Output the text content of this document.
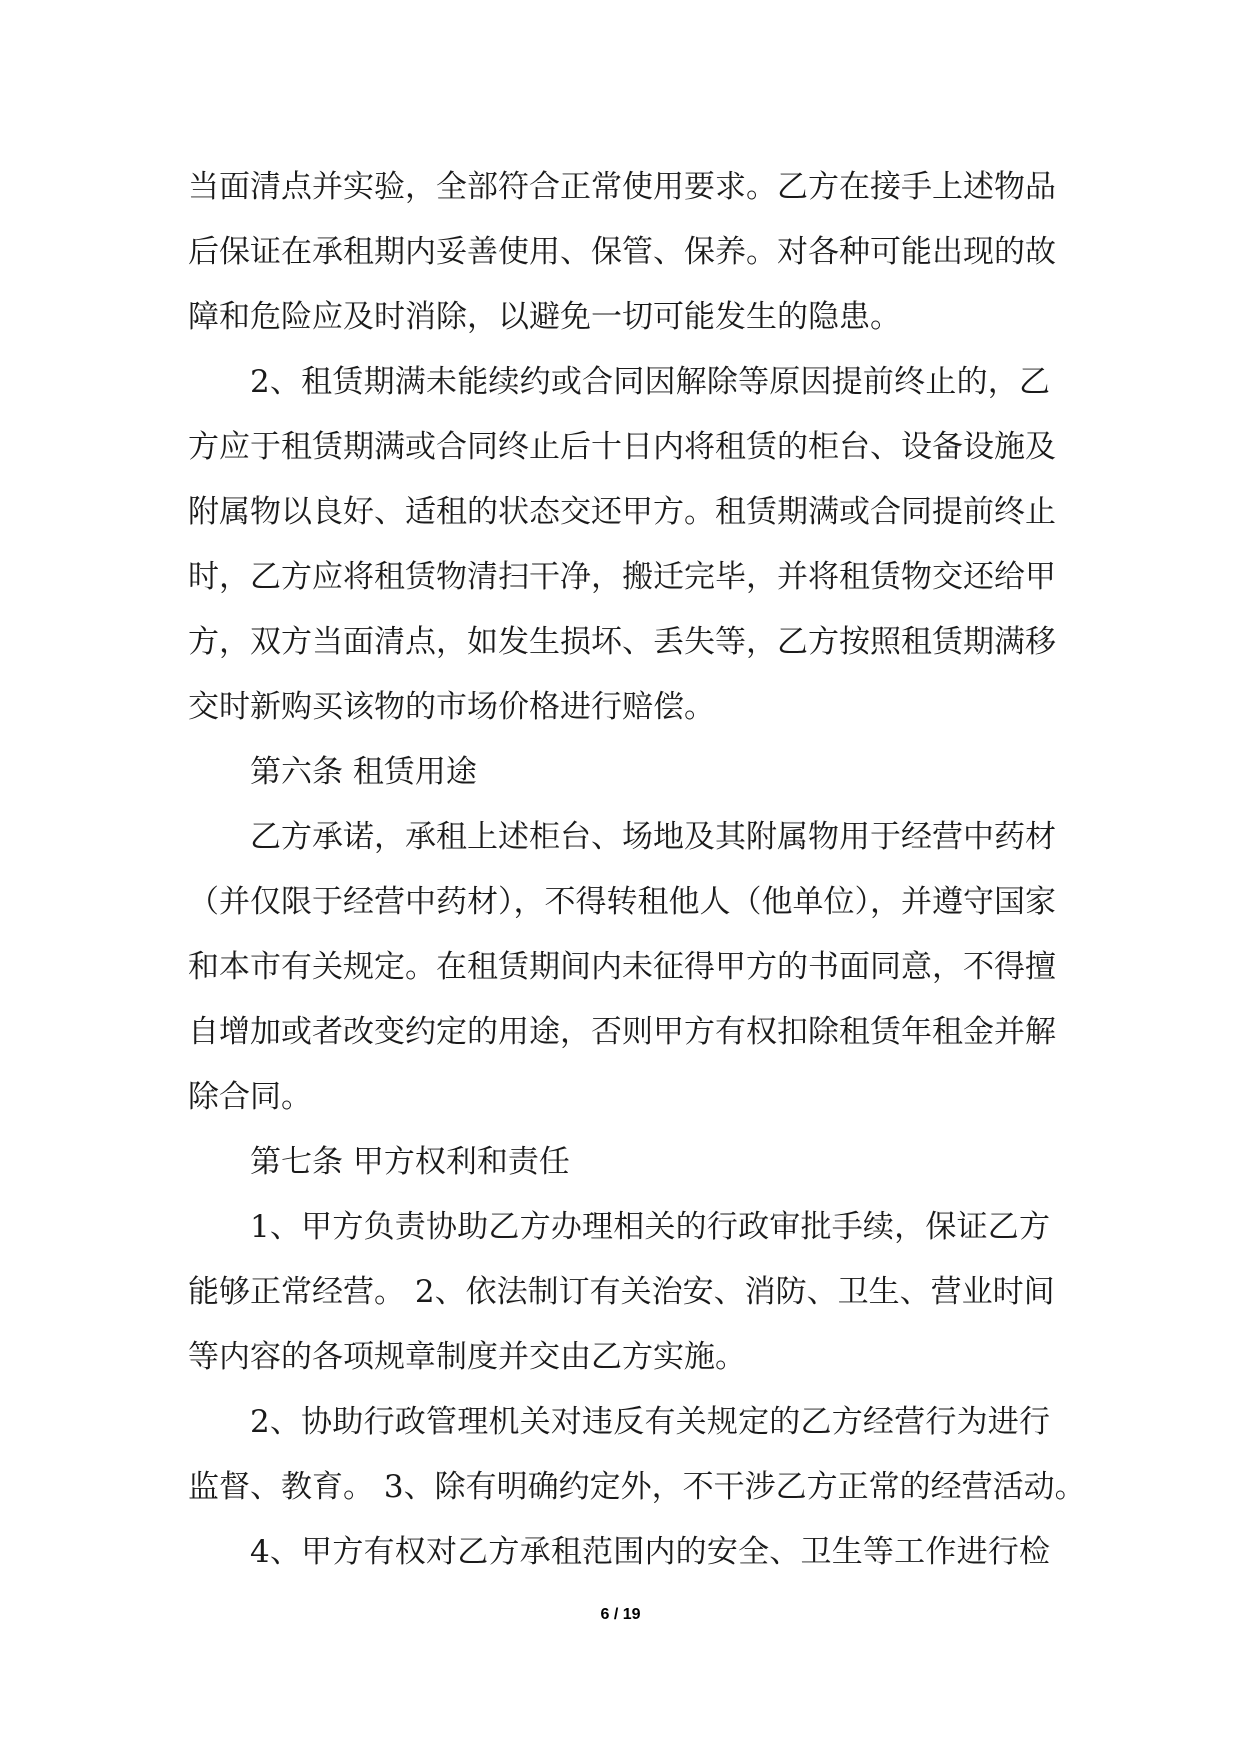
当面清点并实验，全部符合正常使用要求。乙方在接手上述物品
后保证在承租期内妥善使用、保管、保养。对各种可能出现的故
障和危险应及时消除，以避免一切可能发生的隐患。
2、租赁期满未能续约或合同因解除等原因提前终止的，乙
方应于租赁期满或合同终止后十日内将租赁的柜台、设备设施及
附属物以良好、适租的状态交还甲方。租赁期满或合同提前终止
时，乙方应将租赁物清扫干净，搬迁完毕，并将租赁物交还给甲
方，双方当面清点，如发生损坏、丢失等，乙方按照租赁期满移
交时新购买该物的市场价格进行赔偿。
第六条 租赁用途
乙方承诺，承租上述柜台、场地及其附属物用于经营中药材
（并仅限于经营中药材），不得转租他人（他单位），并遵守国家
和本市有关规定。在租赁期间内未征得甲方的书面同意，不得擅
自增加或者改变约定的用途，否则甲方有权扣除租赁年租金并解
除合同。
第七条 甲方权利和责任
1、甲方负责协助乙方办理相关的行政审批手续，保证乙方
能够正常经营。 2、依法制订有关治安、消防、卫生、营业时间
等内容的各项规章制度并交由乙方实施。
2、协助行政管理机关对违反有关规定的乙方经营行为进行
监督、教育。 3、除有明确约定外，不干涉乙方正常的经营活动。
4、甲方有权对乙方承租范围内的安全、卫生等工作进行检
6 / 19
